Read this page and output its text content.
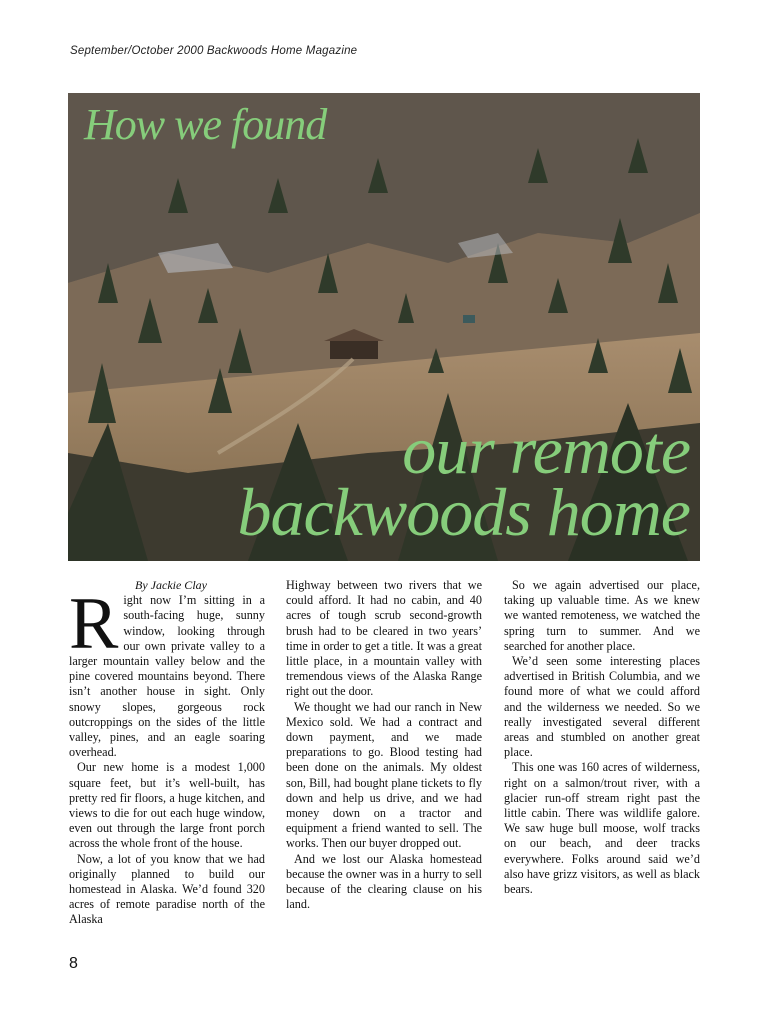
September/October 2000 Backwoods Home Magazine
How we found
our remote
backwoods home

By Jackie Clay

Right now I’m sitting in a south-facing huge, sunny window, looking through our own private valley to a larger mountain valley below and the pine covered mountains beyond. There isn’t another house in sight. Only snowy slopes, gorgeous rock outcroppings on the sides of the little valley, pines, and an eagle soaring overhead.

Our new home is a modest 1,000 square feet, but it’s well-built, has pretty red fir floors, a huge kitchen, and views to die for out each huge window, even out through the large front porch across the whole front of the house.

Now, a lot of you know that we had originally planned to build our homestead in Alaska. We’d found 320 acres of remote paradise north of the Alaska

Highway between two rivers that we could afford. It had no cabin, and 40 acres of tough scrub second-growth brush had to be cleared in two years’ time in order to get a title. It was a great little place, in a mountain valley with tremendous views of the Alaska Range right out the door.

We thought we had our ranch in New Mexico sold. We had a contract and down payment, and we made preparations to go. Blood testing had been done on the animals. My oldest son, Bill, had bought plane tickets to fly down and help us drive, and we had money down on a tractor and equipment a friend wanted to sell. The works. Then our buyer dropped out.

And we lost our Alaska homestead because the owner was in a hurry to sell because of the clearing clause on his land.

So we again advertised our place, taking up valuable time. As we knew we wanted remoteness, we watched the spring turn to summer. And we searched for another place.

We’d seen some interesting places advertised in British Columbia, and we found more of what we could afford and the wilderness we needed. So we really investigated several different areas and stumbled on another great place.

This one was 160 acres of wilderness, right on a salmon/trout river, with a glacier run-off stream right past the little cabin. There was wildlife galore. We saw huge bull moose, wolf tracks on our beach, and deer tracks everywhere. Folks around said we’d also have grizz visitors, as well as black bears.

8
